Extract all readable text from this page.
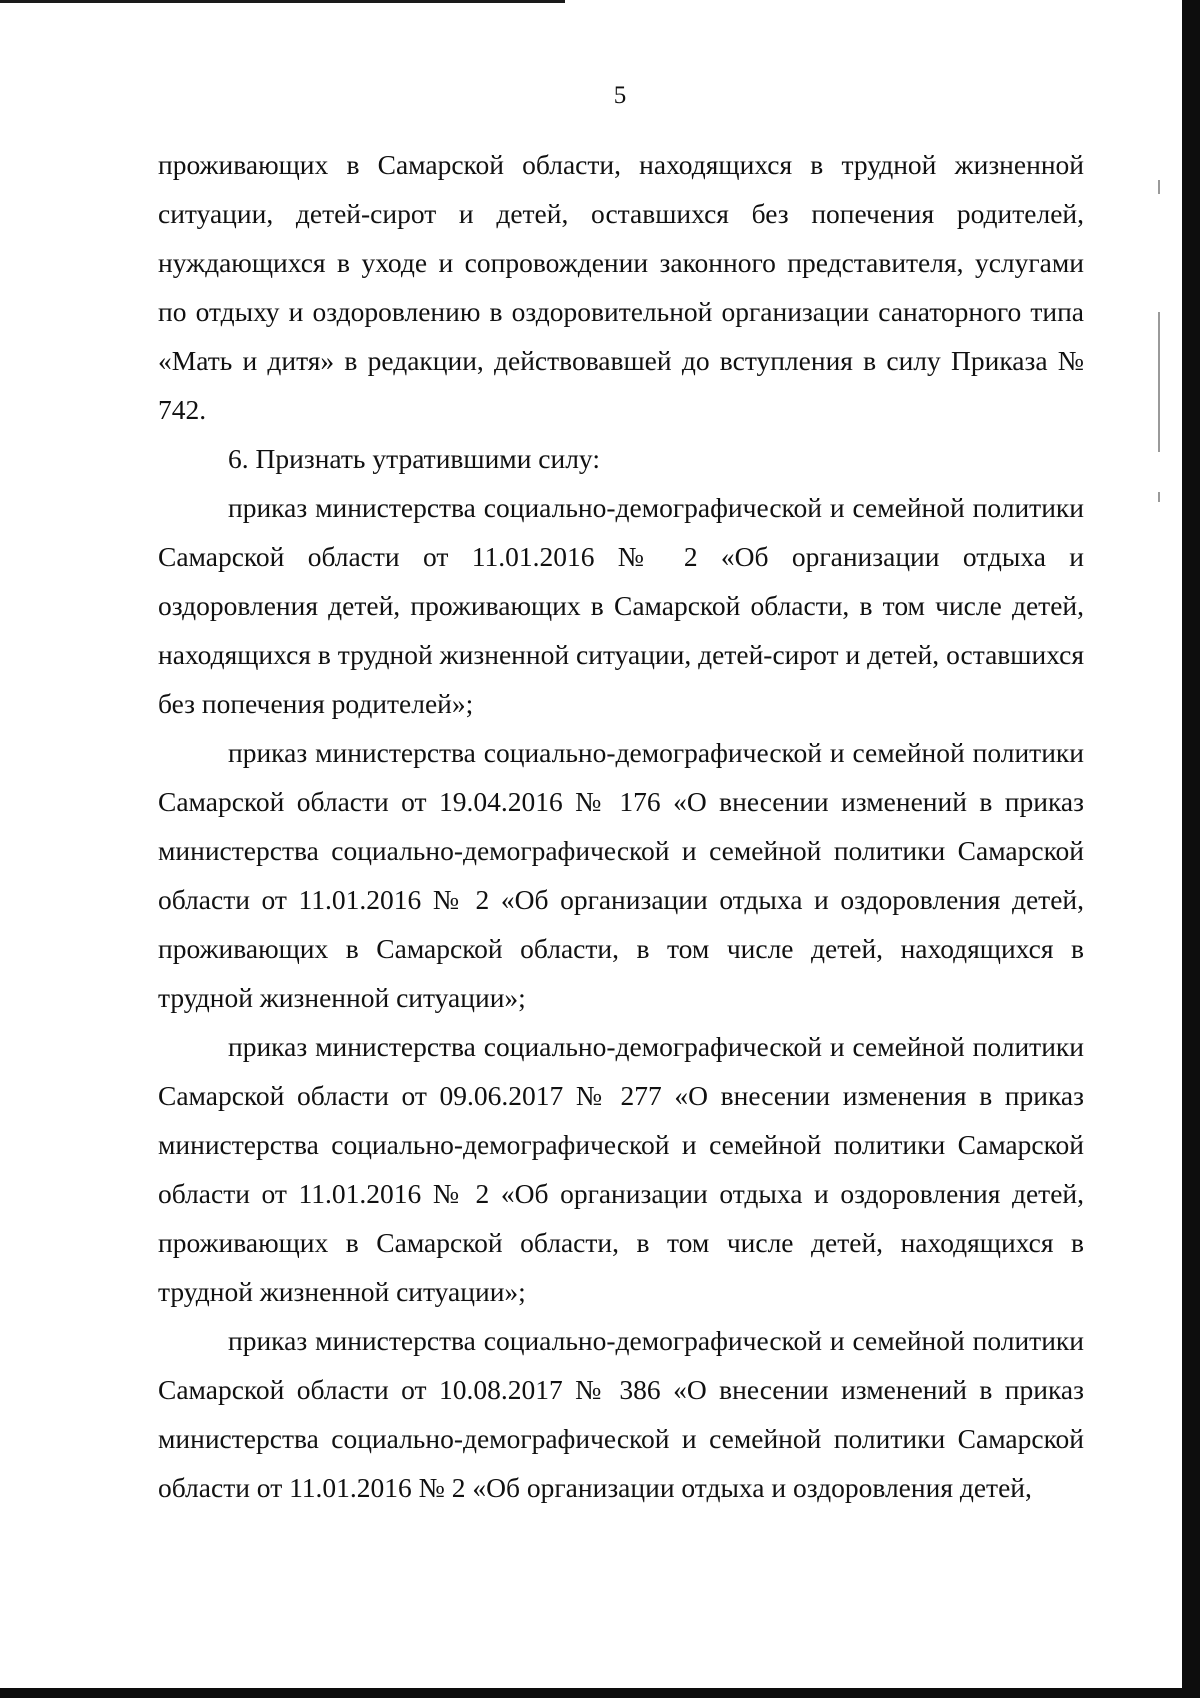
5

проживающих в Самарской области, находящихся в трудной жизненной ситуации, детей-сирот и детей, оставшихся без попечения родителей, нуждающихся в уходе и сопровождении законного представителя, услугами по отдыху и оздоровлению в оздоровительной организации санаторного типа «Мать и дитя» в редакции, действовавшей до вступления в силу Приказа № 742.

6. Признать утратившими силу:

приказ министерства социально-демографической и семейной политики Самарской области от 11.01.2016 № 2 «Об организации отдыха и оздоровления детей, проживающих в Самарской области, в том числе детей, находящихся в трудной жизненной ситуации, детей-сирот и детей, оставшихся без попечения родителей»;

приказ министерства социально-демографической и семейной политики Самарской области от 19.04.2016 № 176 «О внесении изменений в приказ министерства социально-демографической и семейной политики Самарской области от 11.01.2016 № 2 «Об организации отдыха и оздоровления детей, проживающих в Самарской области, в том числе детей, находящихся в трудной жизненной ситуации»;

приказ министерства социально-демографической и семейной политики Самарской области от 09.06.2017 № 277 «О внесении изменения в приказ министерства социально-демографической и семейной политики Самарской области от 11.01.2016 № 2 «Об организации отдыха и оздоровления детей, проживающих в Самарской области, в том числе детей, находящихся в трудной жизненной ситуации»;

приказ министерства социально-демографической и семейной политики Самарской области от 10.08.2017 № 386 «О внесении изменений в приказ министерства социально-демографической и семейной политики Самарской области от 11.01.2016 № 2 «Об организации отдыха и оздоровления детей,
